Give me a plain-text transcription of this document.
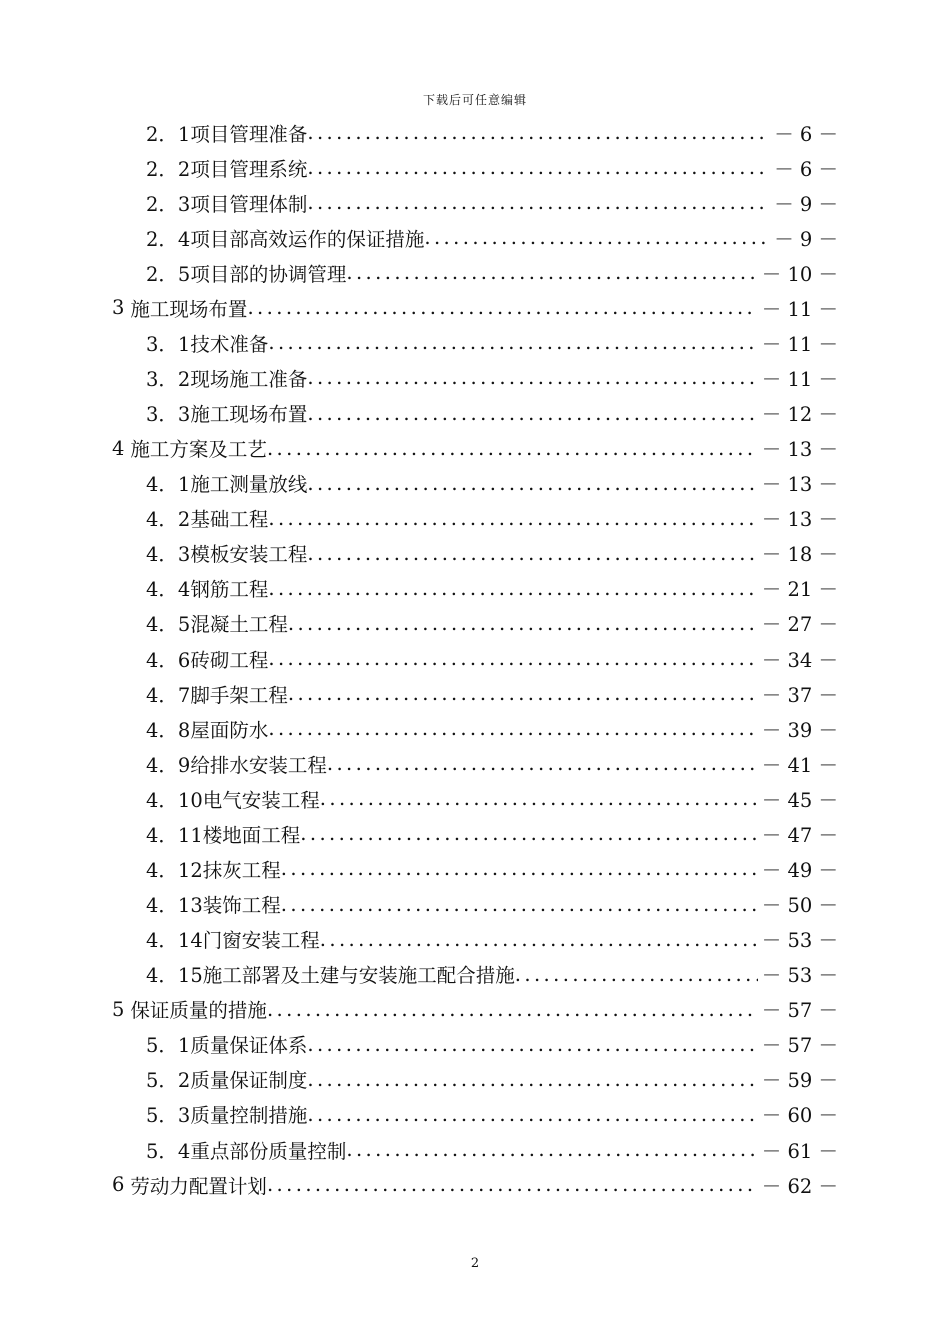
下载后可任意编辑
2．1 项目管理准备 .....	－ 6 －
2．2 项目管理系统 .....	－ 6 －
2．3 项目管理体制 .....	－ 9 －
2．4 项目部高效运作的保证措施 .....	－ 9 －
2．5 项目部的协调管理 .....	－ 10 －
3 施工现场布置 .....	－ 11 －
3．1 技术准备 .....	－ 11 －
3．2 现场施工准备 .....	－ 11 －
3．3 施工现场布置 .....	－ 12 －
4 施工方案及工艺 .....	－ 13 －
4．1 施工测量放线 .....	－ 13 －
4．2 基础工程 .....	－ 13 －
4．3 模板安装工程 .....	－ 18 －
4．4 钢筋工程 .....	－ 21 －
4．5 混凝土工程 .....	－ 27 －
4．6 砖砌工程 .....	－ 34 －
4．7 脚手架工程 .....	－ 37 －
4．8 屋面防水 .....	－ 39 －
4．9 给排水安装工程 .....	－ 41 －
4．10 电气安装工程 .....	－ 45 －
4．11 楼地面工程 .....	－ 47 －
4．12 抹灰工程 .....	－ 49 －
4．13 装饰工程 .....	－ 50 －
4．14 门窗安装工程 .....	－ 53 －
4．15 施工部署及土建与安装施工配合措施 .....	－ 53 －
5 保证质量的措施 .....	－ 57 －
5．1 质量保证体系 .....	－ 57 －
5．2 质量保证制度 .....	－ 59 －
5．3 质量控制措施 .....	－ 60 －
5．4 重点部份质量控制 .....	－ 61 －
6 劳动力配置计划 .....	－ 62 －
2
